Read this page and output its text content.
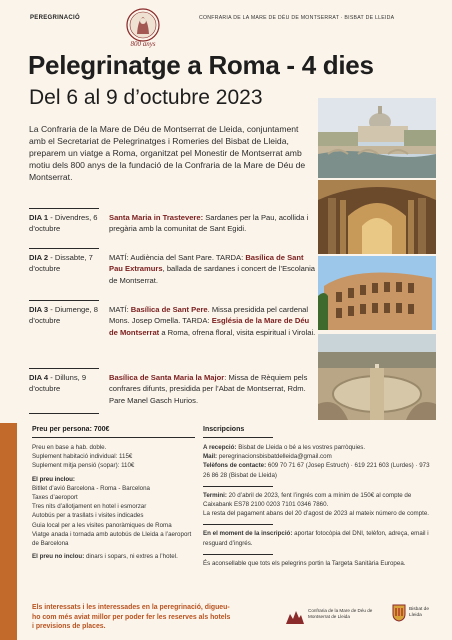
PEREGRINACIÓ
800 anys
CONFRARIA DE LA MARE DE DÉU DE MONTSERRAT · BISBAT DE LLEIDA
Pelegrinatge a Roma - 4 dies
Del 6 al 9 d’octubre 2023
La Confraria de la Mare de Déu de Montserrat de Lleida, conjuntament amb el Secretariat de Pelegrinatges i Romeries del Bisbat de Lleida, preparem un viatge a Roma, organitzat pel Monestir de Montserrat amb motiu dels 800 anys de la fundació de la Confraria de la Mare de Déu de Montserrat.
DIA 1 - Divendres, 6 d’octubre
Santa Maria in Trastevere: Sardanes per la Pau, acollida i pregària amb la comunitat de Sant Egidi.
DIA 2 - Dissabte, 7 d’octubre
MATÍ: Audiència del Sant Pare. TARDA: Basílica de Sant Pau Extramurs, ballada de sardanes i concert de l’Escolania de Montserrat.
DIA 3 - Diumenge, 8 d’octubre
MATÍ: Basílica de Sant Pere. Missa presidida pel cardenal Mons. Josep Omella. TARDA: Església de la Mare de Déu de Montserrat a Roma, ofrena floral, visita espiritual i Virolai.
DIA 4 - Dilluns, 9 d’octubre
Basílica de Santa Maria la Major: Missa de Rèquiem pels confrares difunts, presidida per l’Abat de Montserrat, Rdm. Pare Manel Gasch Hurios.
Preu per persona: 700€
Preu en base a hab. doble.
Suplement habitació individual: 115€
Suplement mitja pensió (sopar): 110€
El preu inclou:
Bitllet d’avió Barcelona - Roma - Barcelona
Taxes d’aeroport
Tres nits d’allotjament en hotel i esmorzar
Autobús per a trasllats i visites indicades
Guia local per a les visites panoràmiques de Roma
Viatge anada i tornada amb autobús de Lleida a l’aeroport de Barcelona
El preu no inclou: dinars i sopars, ni extres a l’hotel.
Inscripcions
A recepció: Bisbat de Lleida o bé a les vostres parròquies.
Mail: peregrinacionsbisbatdelleida@gmail.com
Telèfons de contacte: 609 70 71 67 (Josep Estruch) · 619 221 603 (Lurdes) · 973 26 86 28 (Bisbat de Lleida)
Termini: 20 d’abril de 2023, fent l’ingrés com a mínim de 150€ al compte de Caixabank ES78 2100 0203 7101 0346 7860.
La resta del pagament abans del 20 d’agost de 2023 al mateix número de compte.
En el moment de la inscripció: aportar fotocòpia del DNI, telèfon, adreça, email i resguard d’ingrés.
És aconsellable que tots els pelegrins portin la Targeta Sanitària Europea.
Els interessats i les interessades en la peregrinació, digueu-ho com més aviat millor per poder fer les reserves als hotels i previsions de places.
Confraria de la Mare de Déu de Montserrat de Lleida
Bisbat de Lleida
